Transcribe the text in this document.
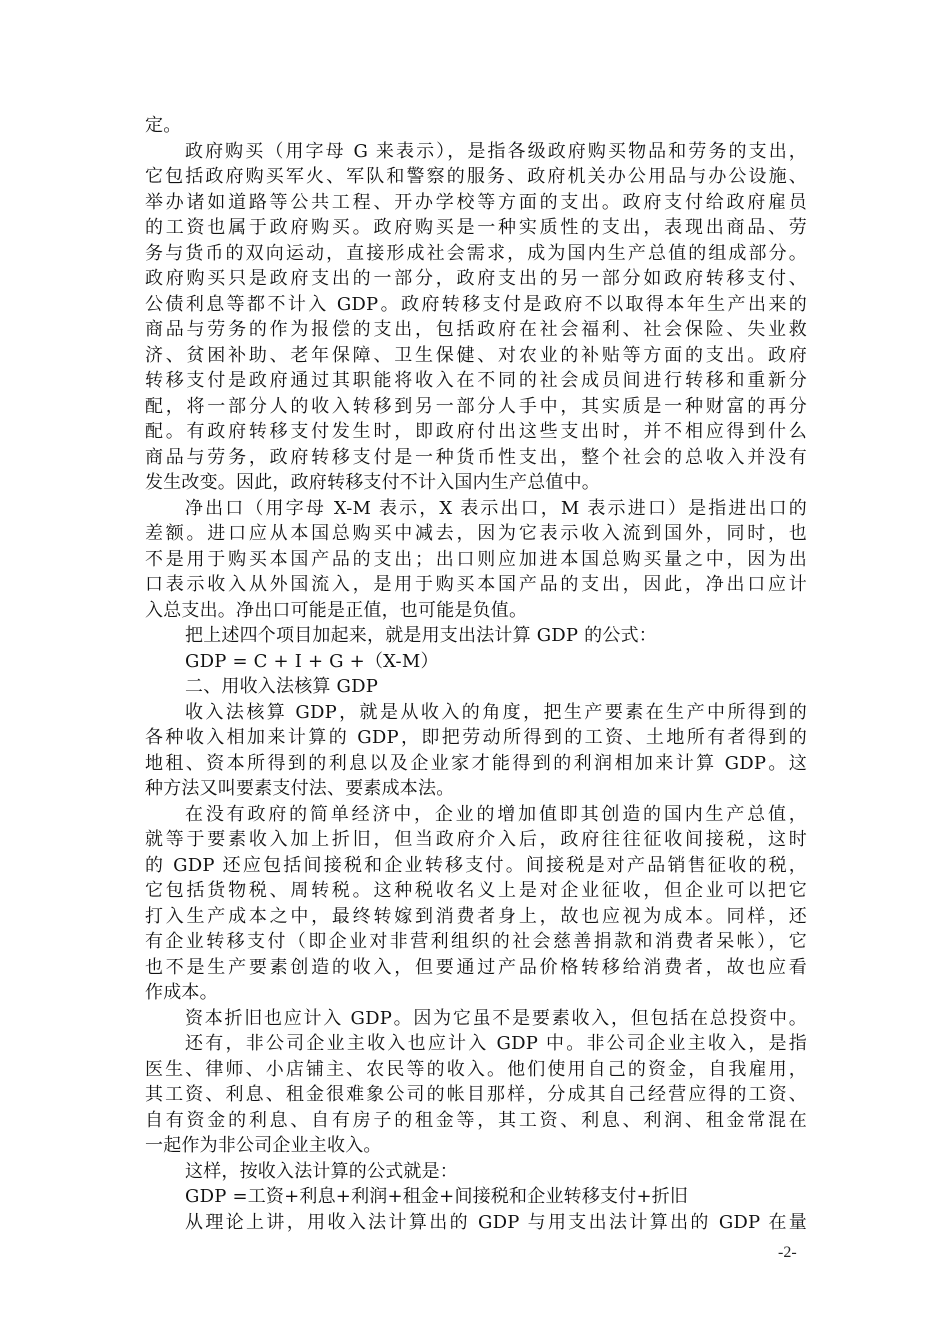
定。
政府购买（用字母 G 来表示），是指各级政府购买物品和劳务的支出，
它包括政府购买军火、军队和警察的服务、政府机关办公用品与办公设施、
举办诸如道路等公共工程、开办学校等方面的支出。政府支付给政府雇员
的工资也属于政府购买。政府购买是一种实质性的支出，表现出商品、劳
务与货币的双向运动，直接形成社会需求，成为国内生产总值的组成部分。
政府购买只是政府支出的一部分，政府支出的另一部分如政府转移支付、
公债利息等都不计入 GDP。政府转移支付是政府不以取得本年生产出来的
商品与劳务的作为报偿的支出，包括政府在社会福利、社会保险、失业救
济、贫困补助、老年保障、卫生保健、对农业的补贴等方面的支出。政府
转移支付是政府通过其职能将收入在不同的社会成员间进行转移和重新分
配，将一部分人的收入转移到另一部分人手中，其实质是一种财富的再分
配。有政府转移支付发生时，即政府付出这些支出时，并不相应得到什么
商品与劳务，政府转移支付是一种货币性支出，整个社会的总收入并没有
发生改变。因此，政府转移支付不计入国内生产总值中。
净出口（用字母 X-M 表示，X 表示出口，M 表示进口）是指进出口的
差额。进口应从本国总购买中减去，因为它表示收入流到国外，同时，也
不是用于购买本国产品的支出；出口则应加进本国总购买量之中，因为出
口表示收入从外国流入，是用于购买本国产品的支出，因此，净出口应计
入总支出。净出口可能是正值，也可能是负值。
把上述四个项目加起来，就是用支出法计算 GDP 的公式：
GDP = C + I + G +（X-M）
二、用收入法核算 GDP
收入法核算 GDP，就是从收入的角度，把生产要素在生产中所得到的
各种收入相加来计算的 GDP，即把劳动所得到的工资、土地所有者得到的
地租、资本所得到的利息以及企业家才能得到的利润相加来计算 GDP。这
种方法又叫要素支付法、要素成本法。
在没有政府的简单经济中，企业的增加值即其创造的国内生产总值，
就等于要素收入加上折旧，但当政府介入后，政府往往征收间接税，这时
的 GDP 还应包括间接税和企业转移支付。间接税是对产品销售征收的税，
它包括货物税、周转税。这种税收名义上是对企业征收，但企业可以把它
打入生产成本之中，最终转嫁到消费者身上，故也应视为成本。同样，还
有企业转移支付（即企业对非营利组织的社会慈善捐款和消费者呆帐），它
也不是生产要素创造的收入，但要通过产品价格转移给消费者，故也应看
作成本。
资本折旧也应计入 GDP。因为它虽不是要素收入，但包括在总投资中。
还有，非公司企业主收入也应计入 GDP 中。非公司企业主收入，是指
医生、律师、小店铺主、农民等的收入。他们使用自己的资金，自我雇用，
其工资、利息、租金很难象公司的帐目那样，分成其自己经营应得的工资、
自有资金的利息、自有房子的租金等，其工资、利息、利润、租金常混在
一起作为非公司企业主收入。
这样，按收入法计算的公式就是：
GDP =工资+利息+利润+租金+间接税和企业转移支付+折旧
从理论上讲，用收入法计算出的 GDP 与用支出法计算出的 GDP 在量
-2-
